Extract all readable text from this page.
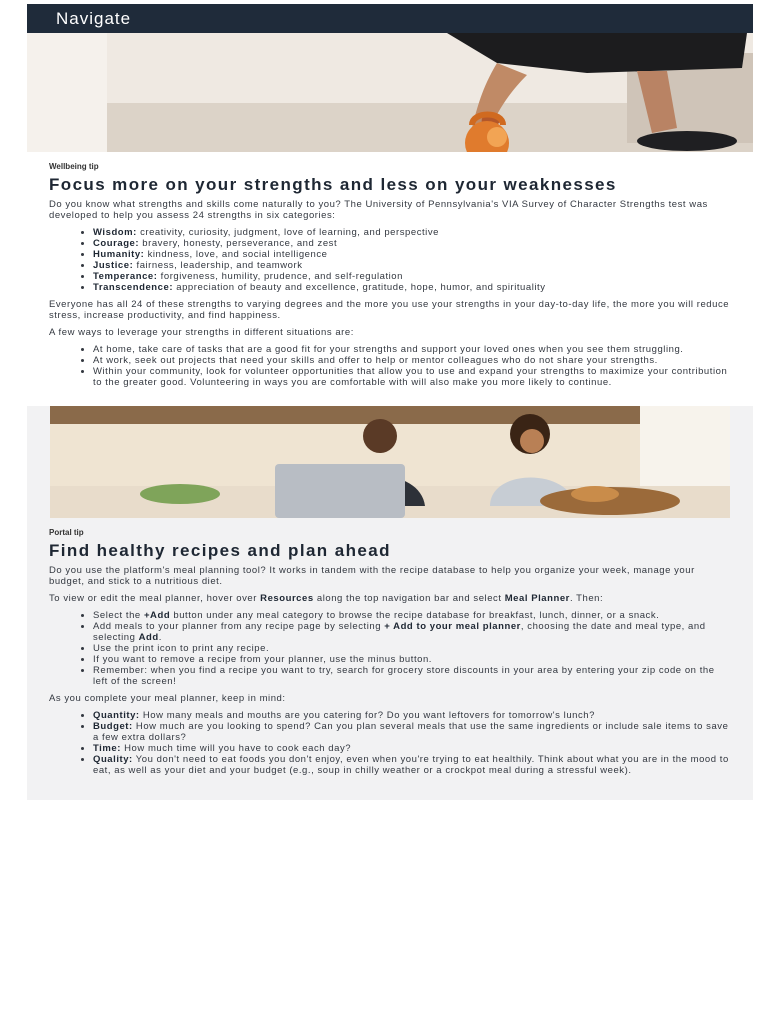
Navigate
Wellbeing tip
Focus more on your strengths and less on your weaknesses

Do you know what strengths and skills come naturally to you? The University of Pennsylvania's VIA Survey of Character Strengths test was developed to help you assess 24 strengths in six categories:

• Wisdom: creativity, curiosity, judgment, love of learning, and perspective
• Courage: bravery, honesty, perseverance, and zest
• Humanity: kindness, love, and social intelligence
• Justice: fairness, leadership, and teamwork
• Temperance: forgiveness, humility, prudence, and self-regulation
• Transcendence: appreciation of beauty and excellence, gratitude, hope, humor, and spirituality

Everyone has all 24 of these strengths to varying degrees and the more you use your strengths in your day-to-day life, the more you will reduce stress, increase productivity, and find happiness.

A few ways to leverage your strengths in different situations are:

• At home, take care of tasks that are a good fit for your strengths and support your loved ones when you see them struggling.
• At work, seek out projects that need your skills and offer to help or mentor colleagues who do not share your strengths.
• Within your community, look for volunteer opportunities that allow you to use and expand your strengths to maximize your contribution to the greater good. Volunteering in ways you are comfortable with will also make you more likely to continue.
Portal tip
Find healthy recipes and plan ahead

Do you use the platform's meal planning tool? It works in tandem with the recipe database to help you organize your week, manage your budget, and stick to a nutritious diet.

To view or edit the meal planner, hover over Resources along the top navigation bar and select Meal Planner. Then:

• Select the +Add button under any meal category to browse the recipe database for breakfast, lunch, dinner, or a snack.
• Add meals to your planner from any recipe page by selecting + Add to your meal planner, choosing the date and meal type, and selecting Add.
• Use the print icon to print any recipe.
• If you want to remove a recipe from your planner, use the minus button.
• Remember: when you find a recipe you want to try, search for grocery store discounts in your area by entering your zip code on the left of the screen!

As you complete your meal planner, keep in mind:

• Quantity: How many meals and mouths are you catering for? Do you want leftovers for tomorrow's lunch?
• Budget: How much are you looking to spend? Can you plan several meals that use the same ingredients or include sale items to save a few extra dollars?
• Time: How much time will you have to cook each day?
• Quality: You don't need to eat foods you don't enjoy, even when you're trying to eat healthily. Think about what you are in the mood to eat, as well as your diet and your budget (e.g., soup in chilly weather or a crockpot meal during a stressful week).
